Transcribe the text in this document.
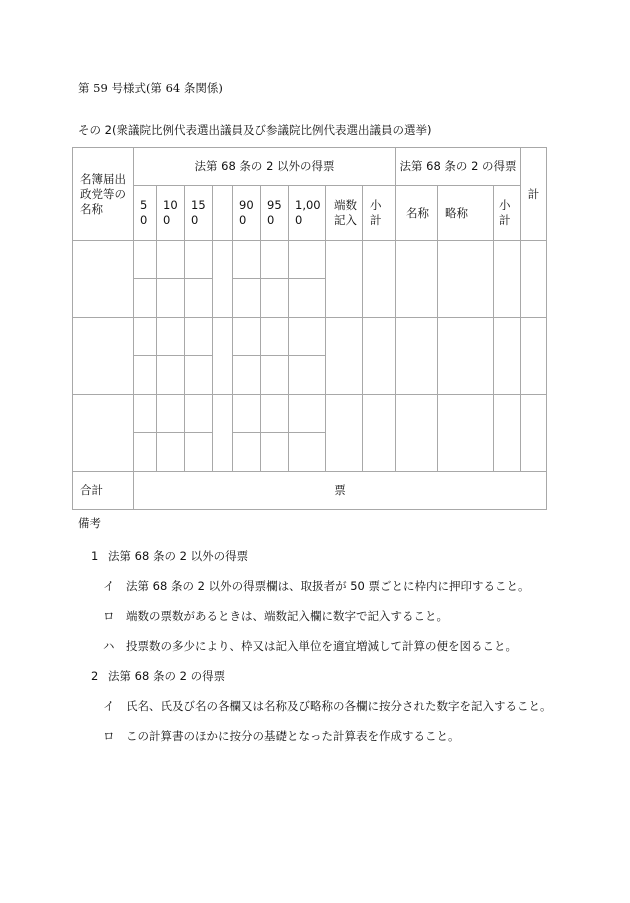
第 59 号様式(第 64 条関係)
その 2(衆議院比例代表選出議員及び参議院比例代表選出議員の選挙)
名簿届出政党等の名称	法第 68 条の 2 以外の得票									法第 68 条の 2 の得票			計
	50	100	150		900	950	1,000	端数記入	小計	名称	略称	小計	

合計	票												
備考
1 法第 68 条の 2 以外の得票
イ 法第 68 条の 2 以外の得票欄は、取扱者が 50 票ごとに枠内に押印すること。
ロ 端数の票数があるときは、端数記入欄に数字で記入すること。
ハ 投票数の多少により、枠又は記入単位を適宜増減して計算の便を図ること。
2 法第 68 条の 2 の得票
イ 氏名、氏及び名の各欄又は名称及び略称の各欄に按分された数字を記入すること。
ロ この計算書のほかに按分の基礎となった計算表を作成すること。
